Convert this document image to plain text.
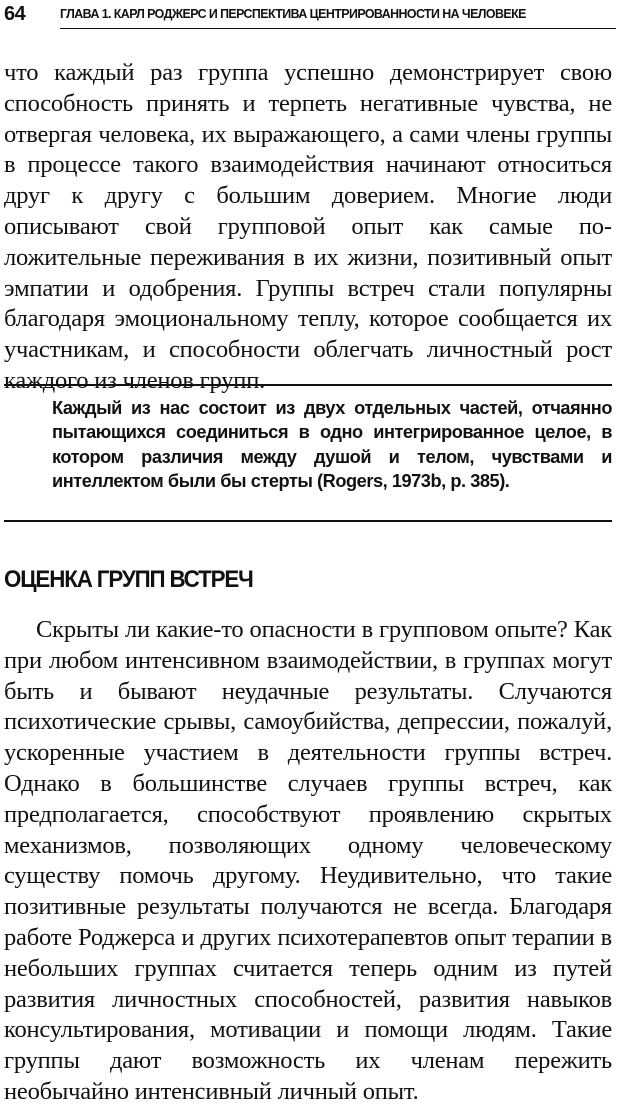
64	ГЛАВА 1. КАРЛ РОДЖЕРС И ПЕРСПЕКТИВА ЦЕНТРИРОВАННОСТИ НА ЧЕЛОВЕКЕ

что каждый раз группа успешно демонстрирует свою способность принять и терпеть негативные чувства, не отвергая человека, их выражающего, а сами члены группы в процессе такого взаимодействия начинают относиться друг к другу с большим доверием. Многие люди описывают свой групповой опыт как самые положительные переживания в их жизни, позитивный опыт эмпатии и одобрения. Группы встреч стали популярны благодаря эмоциональному теплу, которое сообщается их участникам, и способности облегчать личностный рост каждого из членов групп.

Каждый из нас состоит из двух отдельных частей, отчаянно пытающихся соединиться в одно интегрированное целое, в котором различия между душой и телом, чувствами и интеллектом были бы стерты (Rogers, 1973b, р. 385).

ОЦЕНКА ГРУПП ВСТРЕЧ

Скрыты ли какие-то опасности в групповом опыте? Как при любом интенсивном взаимодействии, в группах могут быть и бывают неудачные результаты. Случаются психотические срывы, самоубийства, депрессии, пожалуй, ускоренные участием в деятельности группы встреч. Однако в большинстве случаев группы встреч, как предполагается, способствуют проявлению скрытых механизмов, позволяющих одному человеческому существу помочь другому. Неудивительно, что такие позитивные результаты получаются не всегда. Благодаря работе Роджерса и других психотерапевтов опыт терапии в небольших группах считается теперь одним из путей развития личностных способностей, развития навыков консультирования, мотивации и помощи людям. Такие группы дают возможность их членам пережить необычайно интенсивный личный опыт.
